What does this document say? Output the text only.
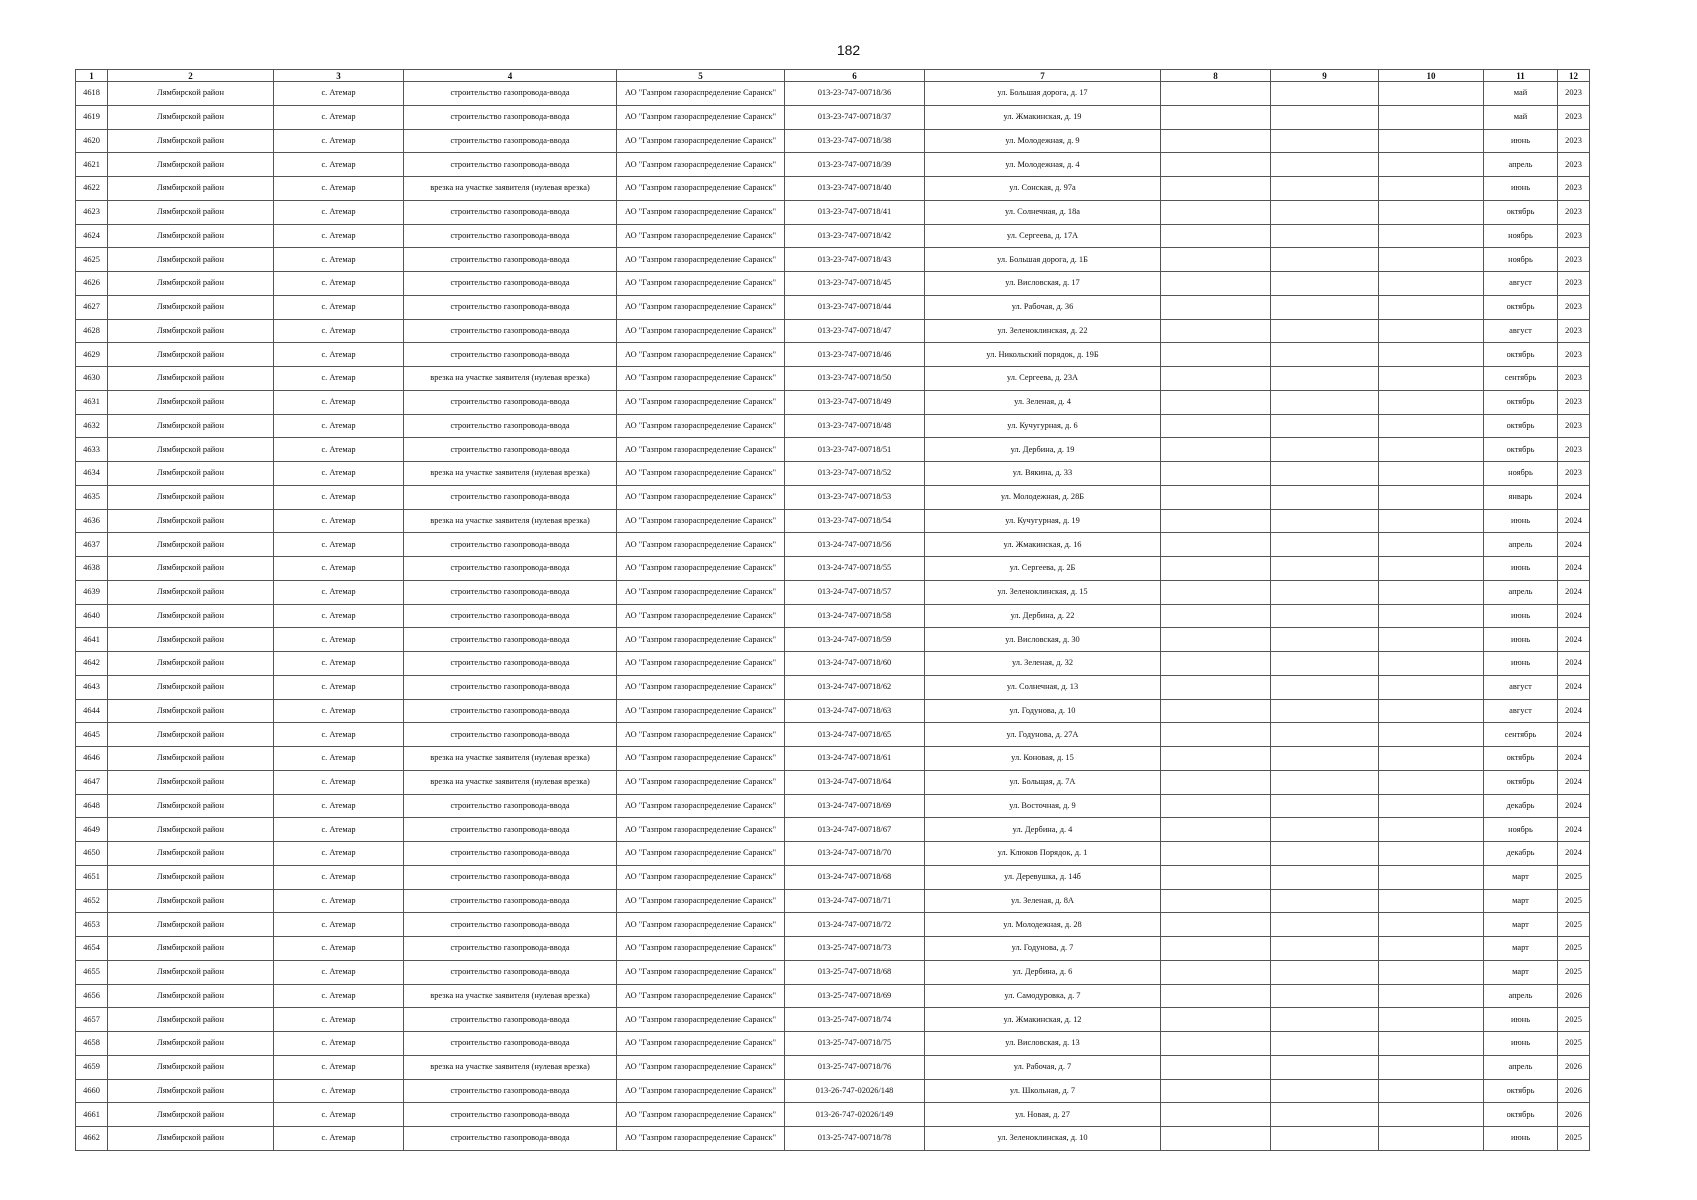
182
1	2	3	4	5	6	7	8	9	10	11	12
4618	Лямбирской район	с. Атемар	строительство газопровода-ввода	АО "Газпром газораспределение Саранск"	013-23-747-00718/36	ул. Большая дорога, д. 17				май	2023
4619	Лямбирской район	с. Атемар	строительство газопровода-ввода	АО "Газпром газораспределение Саранск"	013-23-747-00718/37	ул. Жмакинская, д. 19				май	2023
4620	Лямбирской район	с. Атемар	строительство газопровода-ввода	АО "Газпром газораспределение Саранск"	013-23-747-00718/38	ул. Молодежная, д. 9				июнь	2023
4621	Лямбирской район	с. Атемар	строительство газопровода-ввода	АО "Газпром газораспределение Саранск"	013-23-747-00718/39	ул. Молодежная, д. 4				апрель	2023
4622	Лямбирской район	с. Атемар	врезка на участке заявителя (нулевая врезка)	АО "Газпром газораспределение Саранск"	013-23-747-00718/40	ул. Сонская, д. 97а				июнь	2023
4623	Лямбирской район	с. Атемар	строительство газопровода-ввода	АО "Газпром газораспределение Саранск"	013-23-747-00718/41	ул. Солнечная, д. 18а				октябрь	2023
4624	Лямбирской район	с. Атемар	строительство газопровода-ввода	АО "Газпром газораспределение Саранск"	013-23-747-00718/42	ул. Сергеева, д. 17А				ноябрь	2023
4625	Лямбирской район	с. Атемар	строительство газопровода-ввода	АО "Газпром газораспределение Саранск"	013-23-747-00718/43	ул. Большая дорога, д. 1Б				ноябрь	2023
4626	Лямбирской район	с. Атемар	строительство газопровода-ввода	АО "Газпром газораспределение Саранск"	013-23-747-00718/45	ул. Висловская, д. 17				август	2023
4627	Лямбирской район	с. Атемар	строительство газопровода-ввода	АО "Газпром газораспределение Саранск"	013-23-747-00718/44	ул. Рабочая, д. 36				октябрь	2023
4628	Лямбирской район	с. Атемар	строительство газопровода-ввода	АО "Газпром газораспределение Саранск"	013-23-747-00718/47	ул. Зеленоклинская, д. 22				август	2023
4629	Лямбирской район	с. Атемар	строительство газопровода-ввода	АО "Газпром газораспределение Саранск"	013-23-747-00718/46	ул. Никольский порядок, д. 19Б				октябрь	2023
4630	Лямбирской район	с. Атемар	врезка на участке заявителя (нулевая врезка)	АО "Газпром газораспределение Саранск"	013-23-747-00718/50	ул. Сергеева, д. 23А				сентябрь	2023
4631	Лямбирской район	с. Атемар	строительство газопровода-ввода	АО "Газпром газораспределение Саранск"	013-23-747-00718/49	ул. Зеленая, д. 4				октябрь	2023
4632	Лямбирской район	с. Атемар	строительство газопровода-ввода	АО "Газпром газораспределение Саранск"	013-23-747-00718/48	ул. Кучугурная, д. 6				октябрь	2023
4633	Лямбирской район	с. Атемар	строительство газопровода-ввода	АО "Газпром газораспределение Саранск"	013-23-747-00718/51	ул. Дербина, д. 19				октябрь	2023
4634	Лямбирской район	с. Атемар	врезка на участке заявителя (нулевая врезка)	АО "Газпром газораспределение Саранск"	013-23-747-00718/52	ул. Вякина, д. 33				ноябрь	2023
4635	Лямбирской район	с. Атемар	строительство газопровода-ввода	АО "Газпром газораспределение Саранск"	013-23-747-00718/53	ул. Молодежная, д. 28Б				январь	2024
4636	Лямбирской район	с. Атемар	врезка на участке заявителя (нулевая врезка)	АО "Газпром газораспределение Саранск"	013-23-747-00718/54	ул. Кучугурная, д. 19				июнь	2024
4637	Лямбирской район	с. Атемар	строительство газопровода-ввода	АО "Газпром газораспределение Саранск"	013-24-747-00718/56	ул. Жмакинская, д. 16				апрель	2024
4638	Лямбирской район	с. Атемар	строительство газопровода-ввода	АО "Газпром газораспределение Саранск"	013-24-747-00718/55	ул. Сергеева, д. 2Б				июнь	2024
4639	Лямбирской район	с. Атемар	строительство газопровода-ввода	АО "Газпром газораспределение Саранск"	013-24-747-00718/57	ул. Зеленоклинская, д. 15				апрель	2024
4640	Лямбирской район	с. Атемар	строительство газопровода-ввода	АО "Газпром газораспределение Саранск"	013-24-747-00718/58	ул. Дербина, д. 22				июнь	2024
4641	Лямбирской район	с. Атемар	строительство газопровода-ввода	АО "Газпром газораспределение Саранск"	013-24-747-00718/59	ул. Висловская, д. 30				июнь	2024
4642	Лямбирской район	с. Атемар	строительство газопровода-ввода	АО "Газпром газораспределение Саранск"	013-24-747-00718/60	ул. Зеленая, д. 32				июнь	2024
4643	Лямбирской район	с. Атемар	строительство газопровода-ввода	АО "Газпром газораспределение Саранск"	013-24-747-00718/62	ул. Солнечная, д. 13				август	2024
4644	Лямбирской район	с. Атемар	строительство газопровода-ввода	АО "Газпром газораспределение Саранск"	013-24-747-00718/63	ул. Годунова, д. 10				август	2024
4645	Лямбирской район	с. Атемар	строительство газопровода-ввода	АО "Газпром газораспределение Саранск"	013-24-747-00718/65	ул. Годунова, д. 27А				сентябрь	2024
4646	Лямбирской район	с. Атемар	врезка на участке заявителя (нулевая врезка)	АО "Газпром газораспределение Саранск"	013-24-747-00718/61	ул. Коновая, д. 15				октябрь	2024
4647	Лямбирской район	с. Атемар	врезка на участке заявителя (нулевая врезка)	АО "Газпром газораспределение Саранск"	013-24-747-00718/64	ул. Больщая, д. 7А				октябрь	2024
4648	Лямбирской район	с. Атемар	строительство газопровода-ввода	АО "Газпром газораспределение Саранск"	013-24-747-00718/69	ул. Восточная, д. 9				декабрь	2024
4649	Лямбирской район	с. Атемар	строительство газопровода-ввода	АО "Газпром газораспределение Саранск"	013-24-747-00718/67	ул. Дербина, д. 4				ноябрь	2024
4650	Лямбирской район	с. Атемар	строительство газопровода-ввода	АО "Газпром газораспределение Саранск"	013-24-747-00718/70	ул. Клюков Порядок, д. 1				декабрь	2024
4651	Лямбирской район	с. Атемар	строительство газопровода-ввода	АО "Газпром газораспределение Саранск"	013-24-747-00718/68	ул. Деревушка, д. 14б				март	2025
4652	Лямбирской район	с. Атемар	строительство газопровода-ввода	АО "Газпром газораспределение Саранск"	013-24-747-00718/71	ул. Зеленая, д. 8А				март	2025
4653	Лямбирской район	с. Атемар	строительство газопровода-ввода	АО "Газпром газораспределение Саранск"	013-24-747-00718/72	ул. Молодежная, д. 28				март	2025
4654	Лямбирской район	с. Атемар	строительство газопровода-ввода	АО "Газпром газораспределение Саранск"	013-25-747-00718/73	ул. Годунова, д. 7				март	2025
4655	Лямбирской район	с. Атемар	строительство газопровода-ввода	АО "Газпром газораспределение Саранск"	013-25-747-00718/68	ул. Дербина, д. 6				март	2025
4656	Лямбирской район	с. Атемар	врезка на участке заявителя (нулевая врезка)	АО "Газпром газораспределение Саранск"	013-25-747-00718/69	ул. Самодуровка, д. 7				апрель	2026
4657	Лямбирской район	с. Атемар	строительство газопровода-ввода	АО "Газпром газораспределение Саранск"	013-25-747-00718/74	ул. Жмакинская, д. 12				июнь	2025
4658	Лямбирской район	с. Атемар	строительство газопровода-ввода	АО "Газпром газораспределение Саранск"	013-25-747-00718/75	ул. Висловская, д. 13				июнь	2025
4659	Лямбирской район	с. Атемар	врезка на участке заявителя (нулевая врезка)	АО "Газпром газораспределение Саранск"	013-25-747-00718/76	ул. Рабочая, д. 7				апрель	2026
4660	Лямбирской район	с. Атемар	строительство газопровода-ввода	АО "Газпром газораспределение Саранск"	013-26-747-02026/148	ул. Школьная, д. 7				октябрь	2026
4661	Лямбирской район	с. Атемар	строительство газопровода-ввода	АО "Газпром газораспределение Саранск"	013-26-747-02026/149	ул. Новая, д. 27				октябрь	2026
4662	Лямбирской район	с. Атемар	строительство газопровода-ввода	АО "Газпром газораспределение Саранск"	013-25-747-00718/78	ул. Зеленоклинская, д. 10				июнь	2025
